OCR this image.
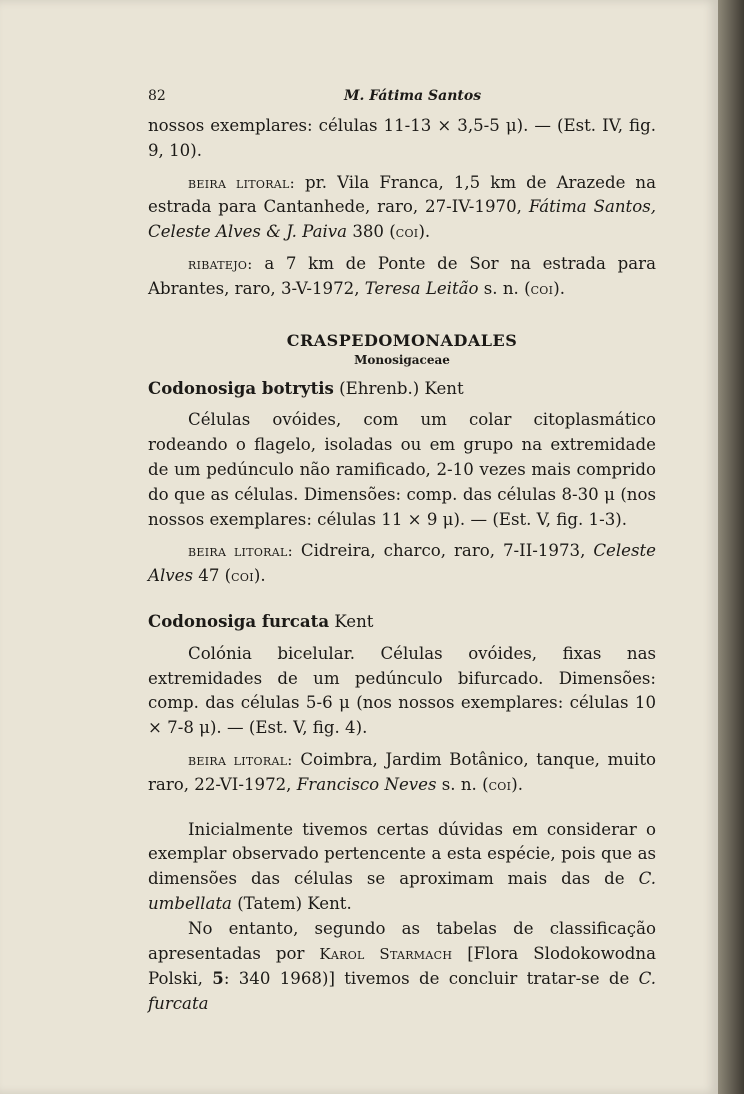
82	M. Fátima Santos

nossos exemplares: células 11-13 × 3,5-5 μ). — (Est. IV, fig. 9, 10).

beira litoral: pr. Vila Franca, 1,5 km de Arazede na estrada para Cantanhede, raro, 27-IV-1970, Fátima Santos, Celeste Alves & J. Paiva 380 (coi).

ribatejo: a 7 km de Ponte de Sor na estrada para Abrantes, raro, 3-V-1972, Teresa Leitão s. n. (coi).

CRASPEDOMONADALES

Monosigaceae

Codonosiga botrytis (Ehrenb.) Kent

Células ovóides, com um colar citoplasmático rodeando o flagelo, isoladas ou em grupo na extremidade de um pedúnculo não ramificado, 2-10 vezes mais comprido do que as células. Dimensões: comp. das células 8-30 μ (nos nossos exemplares: células 11 × 9 μ). — (Est. V, fig. 1-3).

beira litoral: Cidreira, charco, raro, 7-II-1973, Celeste Alves 47 (coi).

Codonosiga furcata Kent

Colónia bicelular. Células ovóides, fixas nas extremidades de um pedúnculo bifurcado. Dimensões: comp. das células 5-6 μ (nos nossos exemplares: células 10 × 7-8 μ). — (Est. V, fig. 4).

beira litoral: Coimbra, Jardim Botânico, tanque, muito raro, 22-VI-1972, Francisco Neves s. n. (coi).

Inicialmente tivemos certas dúvidas em considerar o exemplar observado pertencente a esta espécie, pois que as dimensões das células se aproximam mais das de C. umbellata (Tatem) Kent.

No entanto, segundo as tabelas de classificação apresentadas por Karol Starmach [Flora Slodokowodna Polski, 5: 340 1968)] tivemos de concluir tratar-se de C. furcata
